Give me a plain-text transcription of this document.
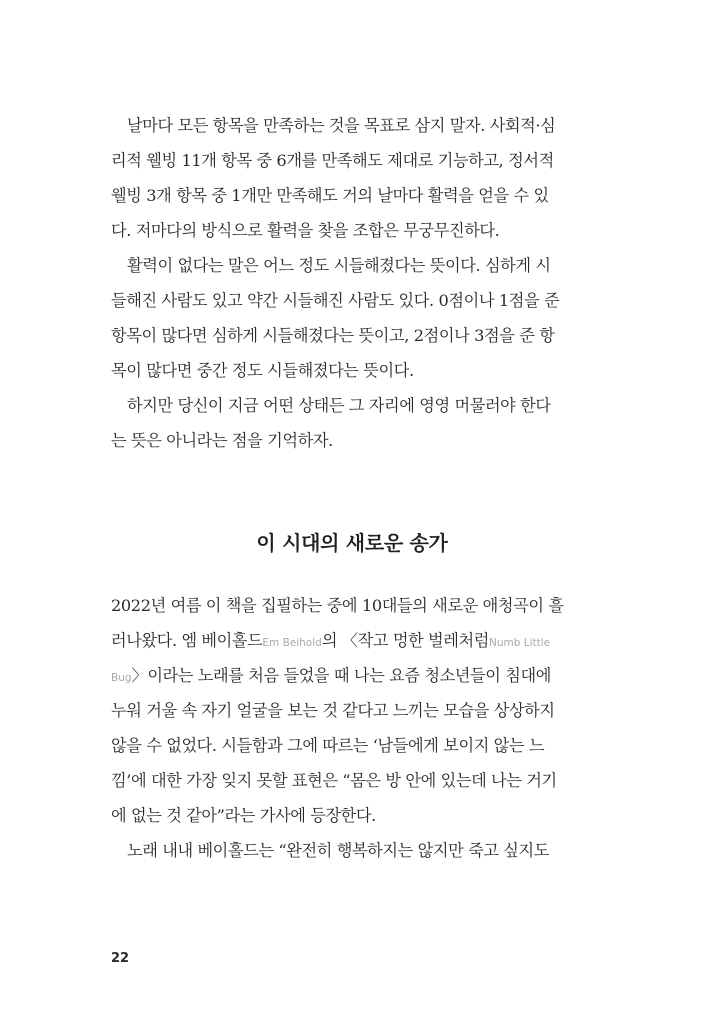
날마다 모든 항목을 만족하는 것을 목표로 삼지 말자. 사회적·심
리적 웰빙 11개 항목 중 6개를 만족해도 제대로 기능하고, 정서적
웰빙 3개 항목 중 1개만 만족해도 거의 날마다 활력을 얻을 수 있
다. 저마다의 방식으로 활력을 찾을 조합은 무궁무진하다.
활력이 없다는 말은 어느 정도 시들해졌다는 뜻이다. 심하게 시
들해진 사람도 있고 약간 시들해진 사람도 있다. 0점이나 1점을 준
항목이 많다면 심하게 시들해졌다는 뜻이고, 2점이나 3점을 준 항
목이 많다면 중간 정도 시들해졌다는 뜻이다.
하지만 당신이 지금 어떤 상태든 그 자리에 영영 머물러야 한다
는 뜻은 아니라는 점을 기억하자.
이 시대의 새로운 송가
2022년 여름 이 책을 집필하는 중에 10대들의 새로운 애청곡이 흘
러나왔다. 엠 베이홀드Em Beihold의 〈작고 멍한 벌레처럼Numb Little
Bug〉이라는 노래를 처음 들었을 때 나는 요즘 청소년들이 침대에
누워 거울 속 자기 얼굴을 보는 것 같다고 느끼는 모습을 상상하지
않을 수 없었다. 시들함과 그에 따르는 ‘남들에게 보이지 않는 느
낌’에 대한 가장 잊지 못할 표현은 “몸은 방 안에 있는데 나는 거기
에 없는 것 같아”라는 가사에 등장한다.
노래 내내 베이홀드는 “완전히 행복하지는 않지만 죽고 싶지도
22
